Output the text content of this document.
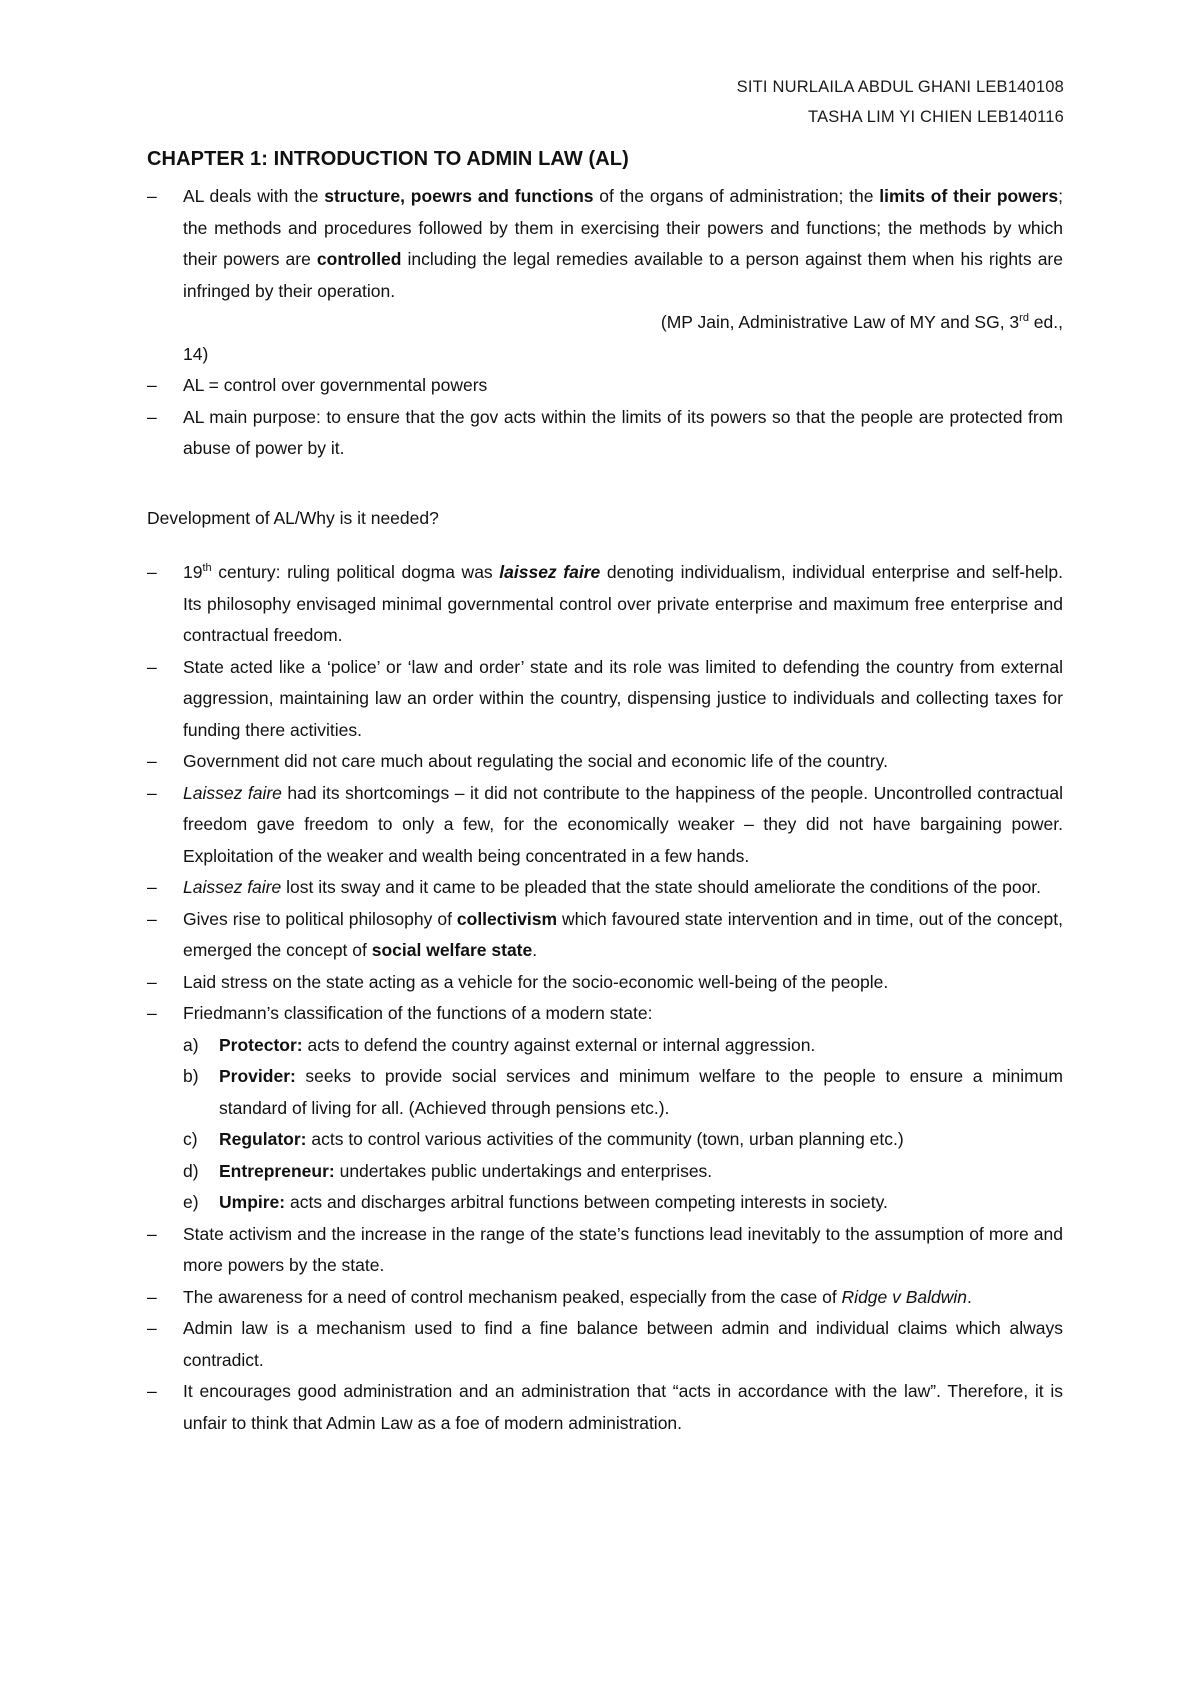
SITI NURLAILA ABDUL GHANI LEB140108
TASHA LIM YI CHIEN LEB140116
CHAPTER 1: INTRODUCTION TO ADMIN LAW (AL)
–
AL deals with the structure, poewrs and functions of the organs of administration; the limits of their powers; the methods and procedures followed by them in exercising their powers and functions; the methods by which their powers are controlled including the legal remedies available to a person against them when his rights are infringed by their operation.
(MP Jain, Administrative Law of MY and SG, 3rd ed.,
14)
–
AL = control over governmental powers
–
AL main purpose: to ensure that the gov acts within the limits of its powers so that the people are protected from abuse of power by it.
Development of AL/Why is it needed?
–
19th century: ruling political dogma was laissez faire denoting individualism, individual enterprise and self-help. Its philosophy envisaged minimal governmental control over private enterprise and maximum free enterprise and contractual freedom.
–
State acted like a ‘police’ or ‘law and order’ state and its role was limited to defending the country from external aggression, maintaining law an order within the country, dispensing justice to individuals and collecting taxes for funding there activities.
–
Government did not care much about regulating the social and economic life of the country.
–
Laissez faire had its shortcomings – it did not contribute to the happiness of the people. Uncontrolled contractual freedom gave freedom to only a few, for the economically weaker – they did not have bargaining power. Exploitation of the weaker and wealth being concentrated in a few hands.
–
Laissez faire lost its sway and it came to be pleaded that the state should ameliorate the conditions of the poor.
–
Gives rise to political philosophy of collectivism which favoured state intervention and in time, out of the concept, emerged the concept of social welfare state.
–
Laid stress on the state acting as a vehicle for the socio-economic well-being of the people.
–
Friedmann’s classification of the functions of a modern state:
a) Protector: acts to defend the country against external or internal aggression.
b) Provider: seeks to provide social services and minimum welfare to the people to ensure a minimum standard of living for all. (Achieved through pensions etc.).
c) Regulator: acts to control various activities of the community (town, urban planning etc.)
d) Entrepreneur: undertakes public undertakings and enterprises.
e) Umpire: acts and discharges arbitral functions between competing interests in society.
–
State activism and the increase in the range of the state’s functions lead inevitably to the assumption of more and more powers by the state.
–
The awareness for a need of control mechanism peaked, especially from the case of Ridge v Baldwin.
–
Admin law is a mechanism used to find a fine balance between admin and individual claims which always contradict.
–
It encourages good administration and an administration that “acts in accordance with the law”. Therefore, it is unfair to think that Admin Law as a foe of modern administration.
